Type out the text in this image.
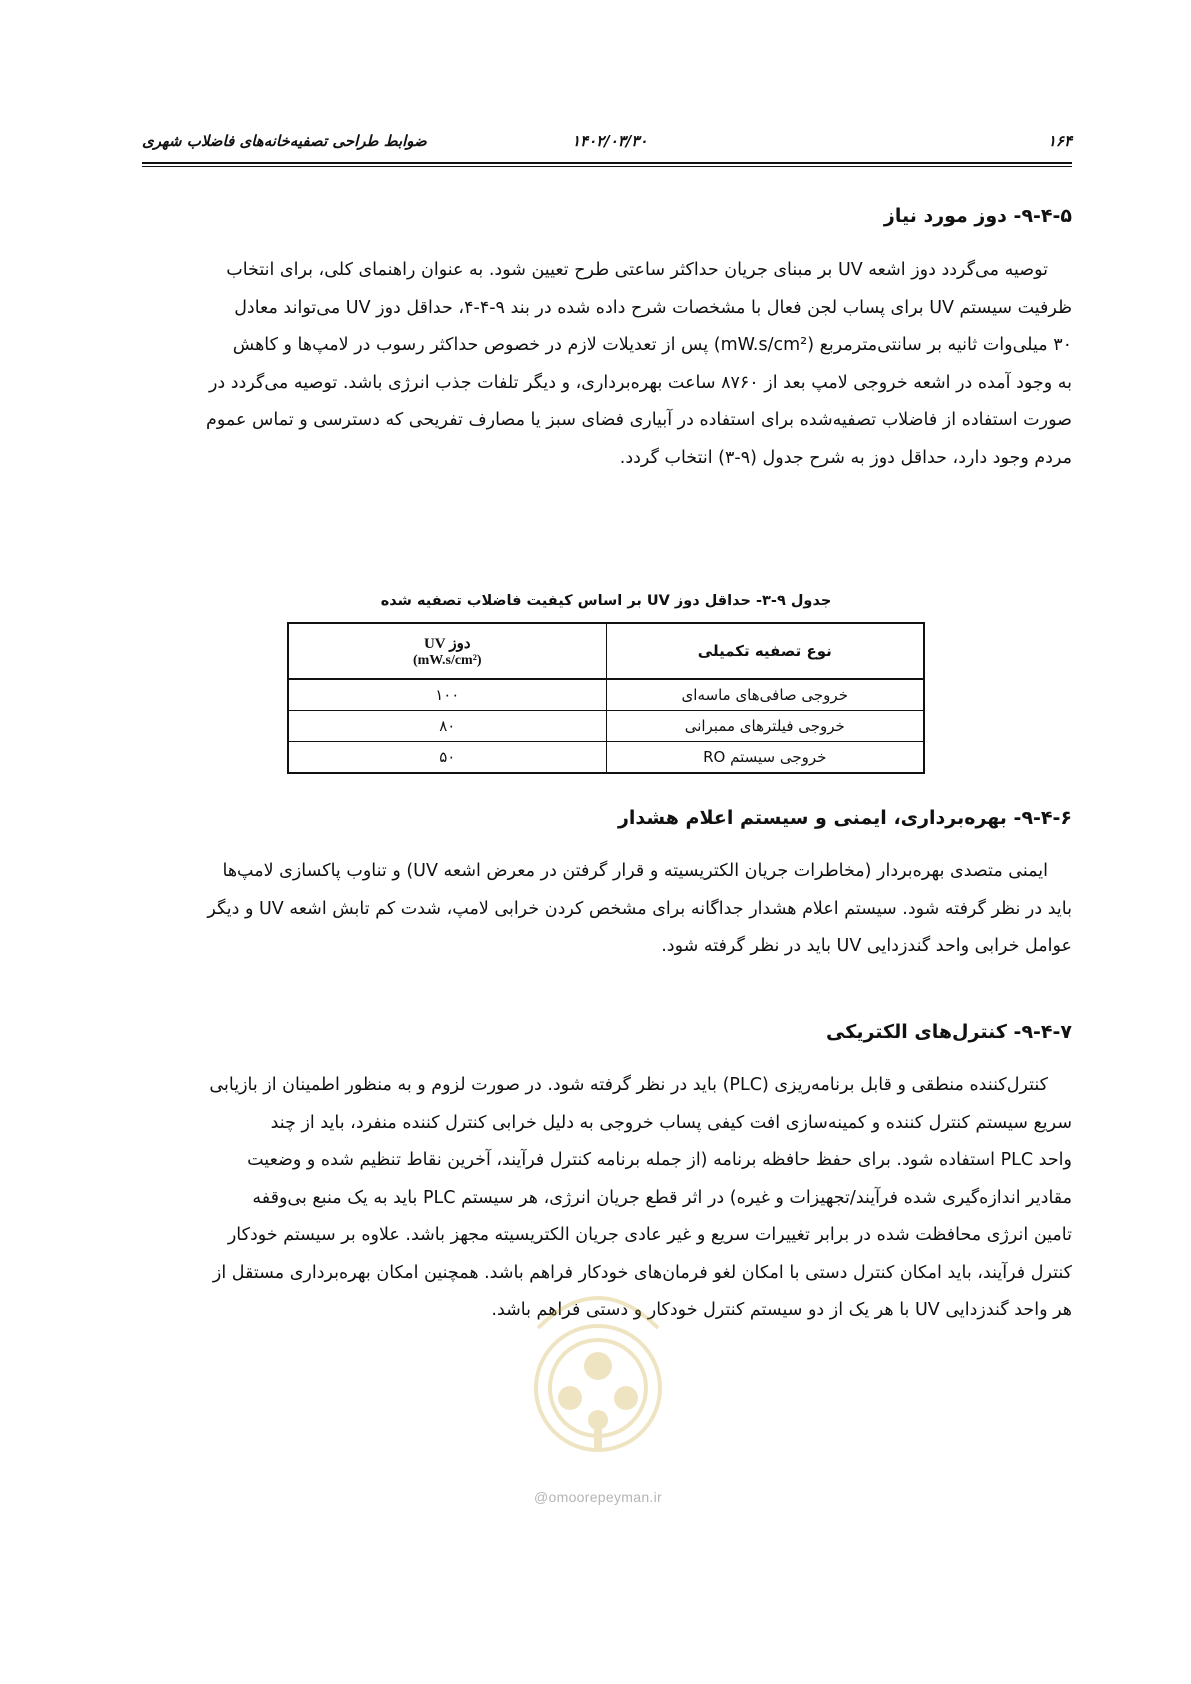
۱۶۴
۱۴۰۲/۰۳/۳۰
ضوابط طراحی تصفیه‌خانه‌های فاضلاب شهری
۹-۴-۵- دوز مورد نیاز
توصیه می‌گردد دوز اشعه UV بر مبنای جریان حداکثر ساعتی طرح تعیین شود. به عنوان راهنمای کلی، برای انتخاب
ظرفیت سیستم UV برای پساب لجن فعال با مشخصات شرح داده شده در بند ۹-۴-۴، حداقل دوز UV می‌تواند معادل
۳۰ میلی‌وات ثانیه بر سانتی‌مترمربع (mW.s/cm²) پس از تعدیلات لازم در خصوص حداکثر رسوب در لامپ‌ها و کاهش
به وجود آمده در اشعه خروجی لامپ بعد از ۸۷۶۰ ساعت بهره‌برداری، و دیگر تلفات جذب انرژی باشد. توصیه می‌گردد در
صورت استفاده از فاضلاب تصفیه‌شده برای استفاده در آبیاری فضای سبز یا مصارف تفریحی که دسترسی و تماس عموم
مردم وجود دارد، حداقل دوز به شرح جدول (۹-۳) انتخاب گردد.
جدول ۹-۳- حداقل دوز UV بر اساس کیفیت فاضلاب تصفیه شده
نوع تصفیه تکمیلی	دوز UV
(mW.s/cm²)

خروجی صافی‌های ماسه‌ای	۱۰۰
خروجی فیلترهای ممبرانی	۸۰
خروجی سیستم RO	۵۰
۹-۴-۶- بهره‌برداری، ایمنی و سیستم اعلام هشدار
ایمنی متصدی بهره‌بردار (مخاطرات جریان الکتریسیته و قرار گرفتن در معرض اشعه UV) و تناوب پاکسازی لامپ‌ها
باید در نظر گرفته شود. سیستم اعلام هشدار جداگانه برای مشخص کردن خرابی لامپ، شدت کم تابش اشعه UV و دیگر
عوامل خرابی واحد گندزدایی UV باید در نظر گرفته شود.
۹-۴-۷- کنترل‌های الکتریکی
کنترل‌کننده منطقی و قابل برنامه‌ریزی (PLC) باید در نظر گرفته شود. در صورت لزوم و به منظور اطمینان از بازیابی
سریع سیستم کنترل کننده و کمینه‌سازی افت کیفی پساب خروجی به دلیل خرابی کنترل کننده منفرد، باید از چند
واحد PLC استفاده شود. برای حفظ حافظه برنامه (از جمله برنامه کنترل فرآیند، آخرین نقاط تنظیم شده و وضعیت
مقادیر اندازه‌گیری شده فرآیند/تجهیزات و غیره) در اثر قطع جریان انرژی، هر سیستم PLC باید به یک منبع بی‌وقفه
تامین انرژی محافظت شده در برابر تغییرات سریع و غیر عادی جریان الکتریسیته مجهز باشد. علاوه بر سیستم خودکار
کنترل فرآیند، باید امکان کنترل دستی با امکان لغو فرمان‌های خودکار فراهم باشد. همچنین امکان بهره‌برداری مستقل از
هر واحد گندزدایی UV با هر یک از دو سیستم کنترل خودکار و دستی فراهم باشد.
@omoorepeyman.ir
